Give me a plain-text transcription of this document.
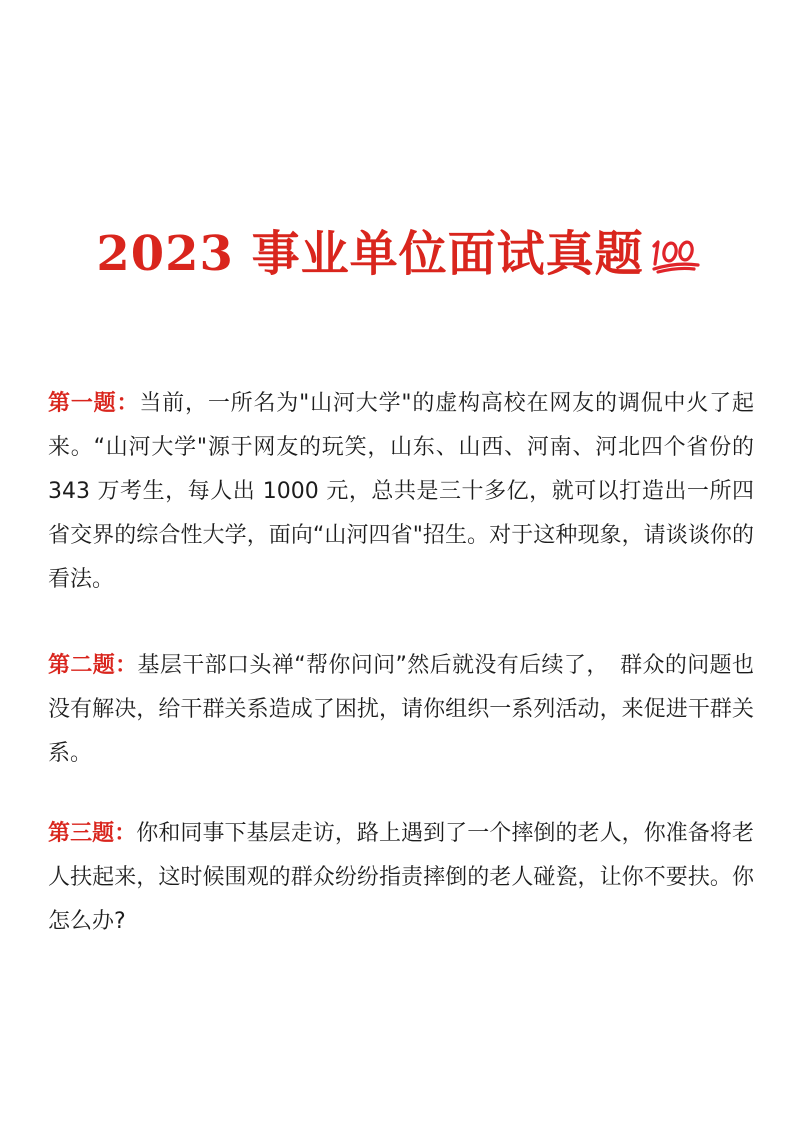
2023 事业单位面试真题
第一题：当前，一所名为"山河大学"的虚构高校在网友的调侃中火了起来。“山河大学"源于网友的玩笑，山东、山西、河南、河北四个省份的 343 万考生，每人出 1000 元，总共是三十多亿，就可以打造出一所四省交界的综合性大学，面向“山河四省"招生。对于这种现象，请谈谈你的看法。
第二题：基层干部口头禅“帮你问问”然后就没有后续了，　群众的问题也没有解决，给干群关系造成了困扰，请你组织一系列活动，来促进干群关系。
第三题：你和同事下基层走访，路上遇到了一个摔倒的老人，你准备将老人扶起来，这时候围观的群众纷纷指责摔倒的老人碰瓷，让你不要扶。你怎么办?
